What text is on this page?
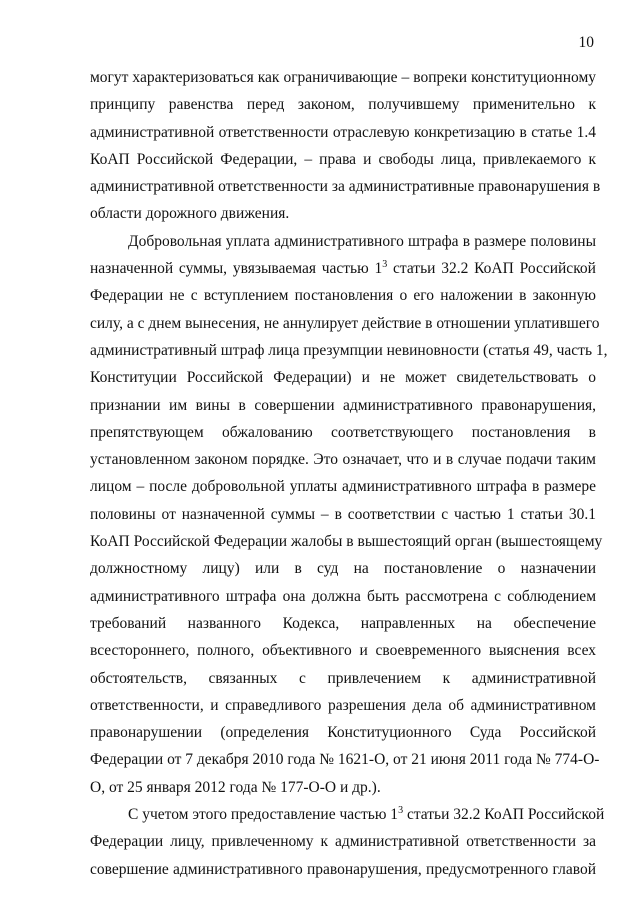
10
могут характеризоваться как ограничивающие – вопреки конституционному
принципу равенства перед законом, получившему применительно к
административной ответственности отраслевую конкретизацию в статье 1.4
КоАП Российской Федерации, – права и свободы лица, привлекаемого к
административной ответственности за административные правонарушения в
области дорожного движения.
Добровольная уплата административного штрафа в размере половины
назначенной суммы, увязываемая частью $1^3$ статьи 32.2 КоАП Российской
Федерации не с вступлением постановления о его наложении в законную
силу, а с днем вынесения, не аннулирует действие в отношении уплатившего
административный штраф лица презумпции невиновности (статья 49, часть 1,
Конституции Российской Федерации) и не может свидетельствовать о
признании им вины в совершении административного правонарушения,
препятствующем обжалованию соответствующего постановления в
установленном законом порядке. Это означает, что и в случае подачи таким
лицом – после добровольной уплаты административного штрафа в размере
половины от назначенной суммы – в соответствии с частью 1 статьи 30.1
КоАП Российской Федерации жалобы в вышестоящий орган (вышестоящему
должностному лицу) или в суд на постановление о назначении
административного штрафа она должна быть рассмотрена с соблюдением
требований названного Кодекса, направленных на обеспечение
всестороннего, полного, объективного и своевременного выяснения всех
обстоятельств, связанных с привлечением к административной
ответственности, и справедливого разрешения дела об административном
правонарушении (определения Конституционного Суда Российской
Федерации от 7 декабря 2010 года № 1621-О, от 21 июня 2011 года № 774-О-
О, от 25 января 2012 года № 177-О-О и др.).
С учетом этого предоставление частью $1^3$ статьи 32.2 КоАП Российской
Федерации лицу, привлеченному к административной ответственности за
совершение административного правонарушения, предусмотренного главой
